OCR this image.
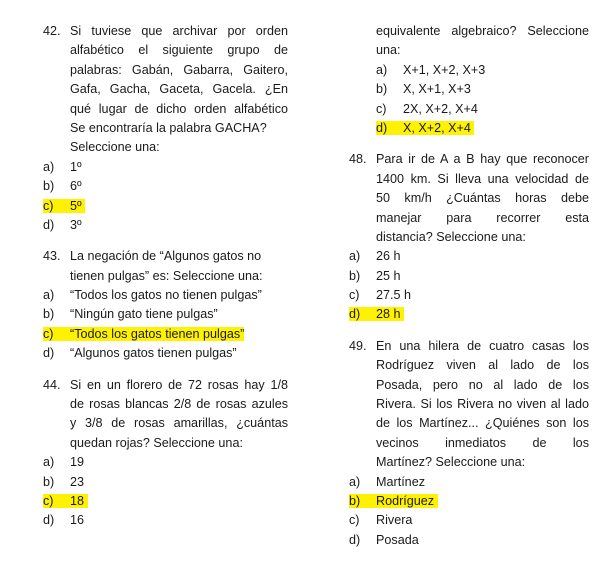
42. Si tuviese que archivar por orden
alfabético el siguiente grupo de
palabras: Gabán, Gabarra, Gaitero,
Gafa, Gacha, Gaceta, Gacela. ¿En
qué lugar de dicho orden alfabético
Se encontraría la palabra GACHA?
Seleccione una:
a) 1º
b) 6º
c) 5º
d) 3º
43. La negación de “Algunos gatos no
tienen pulgas” es: Seleccione una:
a) “Todos los gatos no tienen pulgas”
b) “Ningún gato tiene pulgas”
c) “Todos los gatos tienen pulgas”
d) “Algunos gatos tienen pulgas”
44. Si en un florero de 72 rosas hay 1/8
de rosas blancas 2/8 de rosas azules
y 3/8 de rosas amarillas, ¿cuántas
quedan rojas? Seleccione una:
a) 19
b) 23
c) 18
d) 16
equivalente algebraico? Seleccione
una:
a) X+1, X+2, X+3
b) X, X+1, X+3
c) 2X, X+2, X+4
d) X, X+2, X+4
48. Para ir de A a B hay que reconocer
1400 km. Si lleva una velocidad de
50 km/h ¿Cuántas horas debe
manejar para recorrer esta
distancia? Seleccione una:
a) 26 h
b) 25 h
c) 27.5 h
d) 28 h
49. En una hilera de cuatro casas los
Rodríguez viven al lado de los
Posada, pero no al lado de los
Rivera. Si los Rivera no viven al lado
de los Martínez... ¿Quiénes son los
vecinos inmediatos de los
Martínez? Seleccione una:
a) Martínez
b) Rodríguez
c) Rivera
d) Posada
